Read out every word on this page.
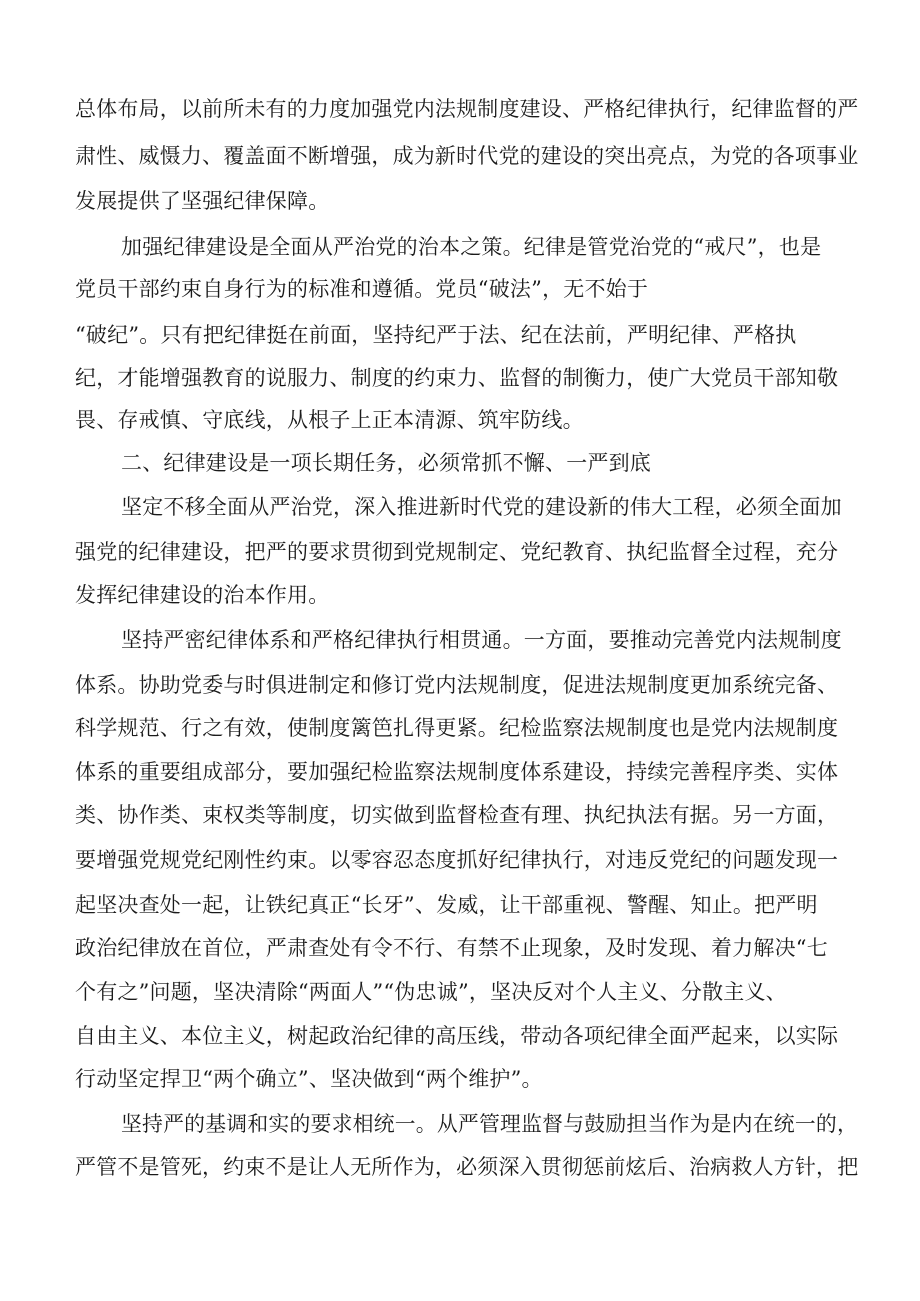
总体布局，以前所未有的力度加强党内法规制度建设、严格纪律执行，纪律监督的严
肃性、威慑力、覆盖面不断增强，成为新时代党的建设的突出亮点，为党的各项事业
发展提供了坚强纪律保障。
加强纪律建设是全面从严治党的治本之策。纪律是管党治党的“戒尺”，也是
党员干部约束自身行为的标准和遵循。党员“破法”，无不始于
“破纪”。只有把纪律挺在前面，坚持纪严于法、纪在法前，严明纪律、严格执
纪，才能增强教育的说服力、制度的约束力、监督的制衡力，使广大党员干部知敬
畏、存戒慎、守底线，从根子上正本清源、筑牢防线。
二、纪律建设是一项长期任务，必须常抓不懈、一严到底
坚定不移全面从严治党，深入推进新时代党的建设新的伟大工程，必须全面加
强党的纪律建设，把严的要求贯彻到党规制定、党纪教育、执纪监督全过程，充分
发挥纪律建设的治本作用。
坚持严密纪律体系和严格纪律执行相贯通。一方面，要推动完善党内法规制度
体系。协助党委与时俱进制定和修订党内法规制度，促进法规制度更加系统完备、
科学规范、行之有效，使制度篱笆扎得更紧。纪检监察法规制度也是党内法规制度
体系的重要组成部分，要加强纪检监察法规制度体系建设，持续完善程序类、实体
类、协作类、束权类等制度，切实做到监督检查有理、执纪执法有据。另一方面，
要增强党规党纪刚性约束。以零容忍态度抓好纪律执行，对违反党纪的问题发现一
起坚决查处一起，让铁纪真正“长牙”、发威，让干部重视、警醒、知止。把严明
政治纪律放在首位，严肃查处有令不行、有禁不止现象，及时发现、着力解决“七
个有之”问题，坚决清除“两面人”“伪忠诚”，坚决反对个人主义、分散主义、
自由主义、本位主义，树起政治纪律的高压线，带动各项纪律全面严起来，以实际
行动坚定捍卫“两个确立”、坚决做到“两个维护”。
坚持严的基调和实的要求相统一。从严管理监督与鼓励担当作为是内在统一的，
严管不是管死，约束不是让人无所作为，必须深入贯彻惩前炫后、治病救人方针，把
